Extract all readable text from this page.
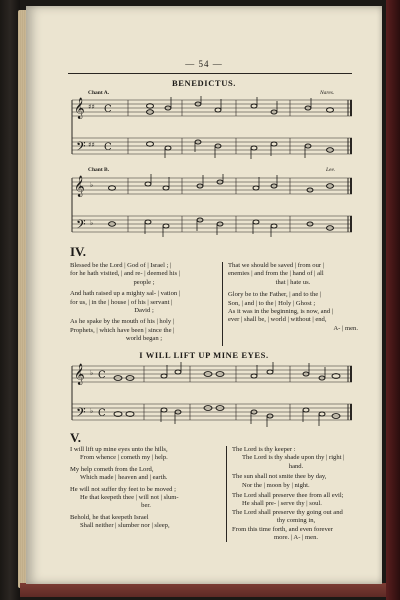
— 54 —
BENEDICTUS.
Chant A.	Nares.
𝄞
𝄢
♯♯
♯♯
C
C
Chant B.	Lee.
𝄞
𝄢
♭
♭
IV.
Blessed be the Lord | God of | Israel ; |
for he hath visited, | and re- | deemed his |
people ;
And hath raised up a mighty sal- | vation |
for us, | in the | house | of his | servant |
David ;
As he spake by the mouth of his | holy |
Prophets, | which have been | since the |
world began ;
That we should be saved | from our |
enemies | and from the | hand of | all
that | hate us.
Glory be to the Father, | and to the |
Son, | and | to the | Holy | Ghost ;
As it was in the beginning, is now, and |
ever | shall be, | world | without | end,
A- | men.
I WILL LIFT UP MINE EYES.
𝄞
𝄢
♭
♭
C
C
V.
I will lift up mine eyes unto the hills,
From whence | cometh my | help.
My help cometh from the Lord,
Which made | heaven and | earth.
He will not suffer thy feet to be moved ;
He that keepeth thee | will not | slum-
ber.
Behold, he that keepeth Israel
Shall neither | slumber nor | sleep,
The Lord is thy keeper :
The Lord is thy shade upon thy | right |
hand.
The sun shall not smite thee by day,
Nor the | moon by | night.
The Lord shall preserve thee from all evil;
He shall pre- | serve thy | soul.
The Lord shall preserve thy going out and
thy coming in,
From this time forth, and even forever
more. | A- | men.
